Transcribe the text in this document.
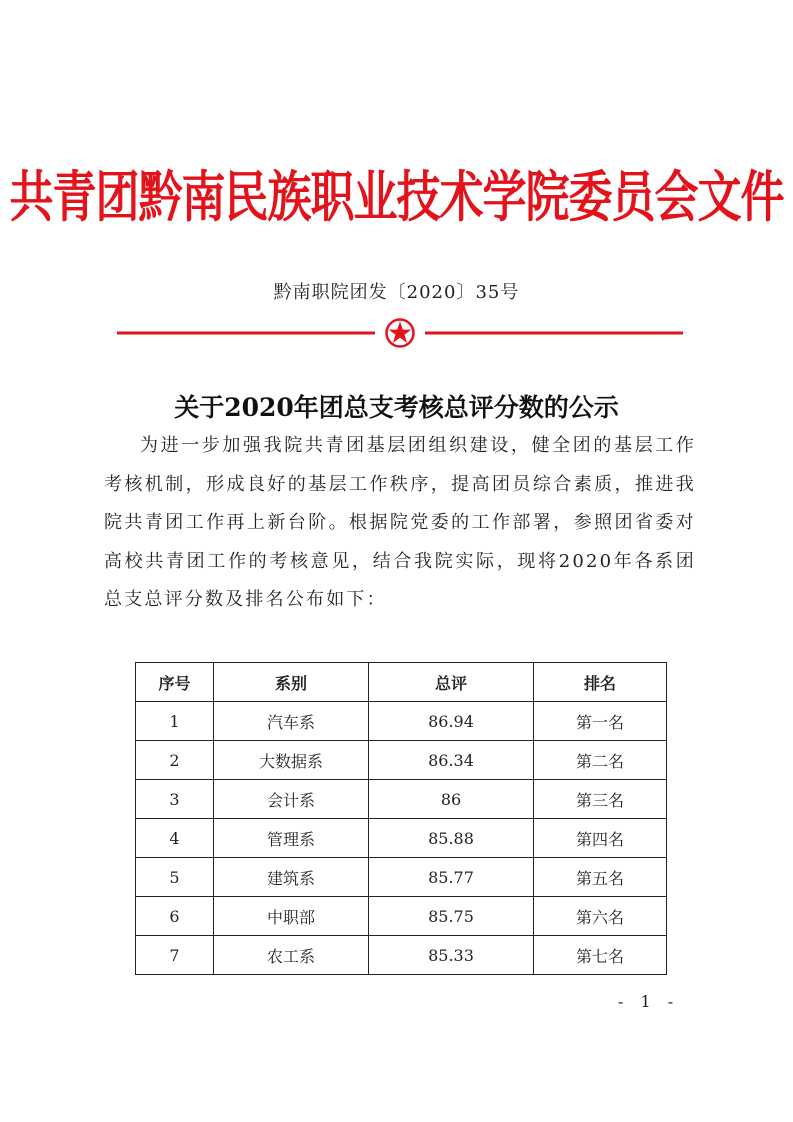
共青团黔南民族职业技术学院委员会文件
黔南职院团发〔2020〕35号
关于2020年团总支考核总评分数的公示
为进一步加强我院共青团基层团组织建设，健全团的基层工作考核机制，形成良好的基层工作秩序，提高团员综合素质，推进我院共青团工作再上新台阶。根据院党委的工作部署，参照团省委对高校共青团工作的考核意见，结合我院实际，现将2020年各系团总支总评分数及排名公布如下：
序号	系别	总评	排名
1	汽车系	86.94	第一名
2	大数据系	86.34	第二名
3	会计系	86	第三名
4	管理系	85.88	第四名
5	建筑系	85.77	第五名
6	中职部	85.75	第六名
7	农工系	85.33	第七名
- 1 -
